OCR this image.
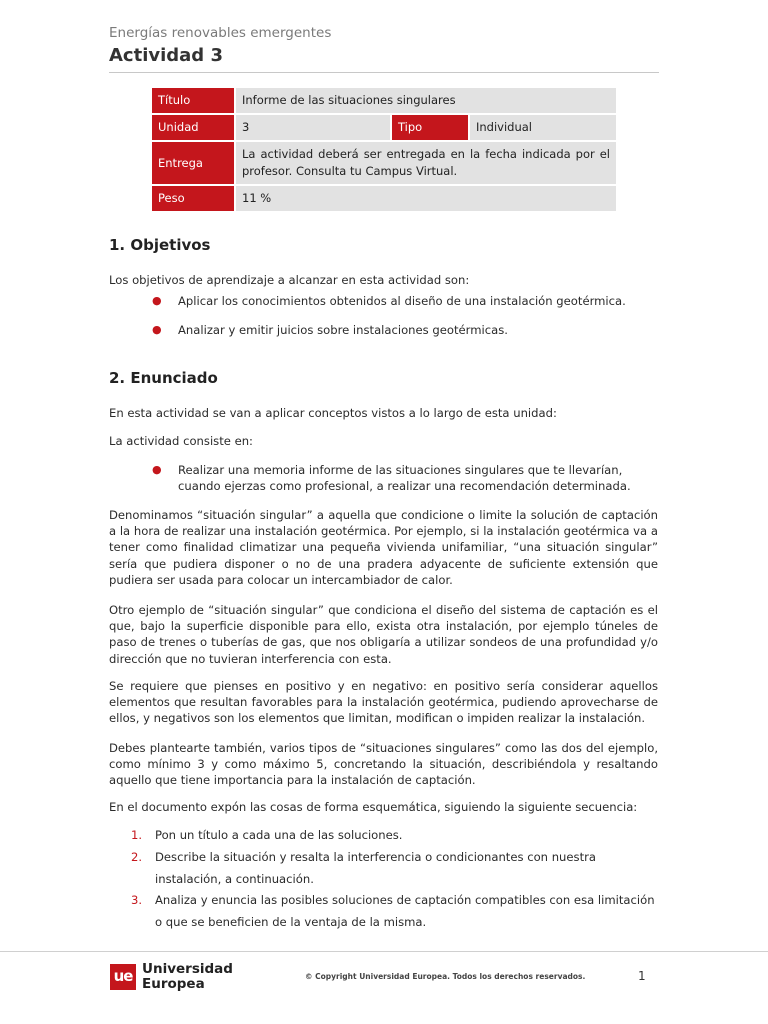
Energías renovables emergentes
Actividad 3
Título	Informe de las situaciones singulares		
Unidad	3	Tipo	Individual
Entrega	La actividad deberá ser entregada en la fecha indicada por el profesor. Consulta tu Campus Virtual.		
Peso	11 %		
1. Objetivos
Los objetivos de aprendizaje a alcanzar en esta actividad son:
● Aplicar los conocimientos obtenidos al diseño de una instalación geotérmica.
● Analizar y emitir juicios sobre instalaciones geotérmicas.
2. Enunciado
En esta actividad se van a aplicar conceptos vistos a lo largo de esta unidad:
La actividad consiste en:
● Realizar una memoria informe de las situaciones singulares que te llevarían, cuando ejerzas como profesional, a realizar una recomendación determinada.
Denominamos “situación singular” a aquella que condicione o limite la solución de captación a la hora de realizar una instalación geotérmica. Por ejemplo, si la instalación geotérmica va a tener como finalidad climatizar una pequeña vivienda unifamiliar, “una situación singular” sería que pudiera disponer o no de una pradera adyacente de suficiente extensión que pudiera ser usada para colocar un intercambiador de calor.
Otro ejemplo de “situación singular” que condiciona el diseño del sistema de captación es el que, bajo la superficie disponible para ello, exista otra instalación, por ejemplo túneles de paso de trenes o tuberías de gas, que nos obligaría a utilizar sondeos de una profundidad y/o dirección que no tuvieran interferencia con esta.
Se requiere que pienses en positivo y en negativo: en positivo sería considerar aquellos elementos que resultan favorables para la instalación geotérmica, pudiendo aprovecharse de ellos, y negativos son los elementos que limitan, modifican o impiden realizar la instalación.
Debes plantearte también, varios tipos de “situaciones singulares” como las dos del ejemplo, como mínimo 3 y como máximo 5, concretando la situación, describiéndola y resaltando aquello que tiene importancia para la instalación de captación.
En el documento expón las cosas de forma esquemática, siguiendo la siguiente secuencia:
1. Pon un título a cada una de las soluciones.
2. Describe la situación y resalta la interferencia o condicionantes con nuestra instalación, a continuación.
3. Analiza y enuncia las posibles soluciones de captación compatibles con esa limitación o que se beneficien de la ventaja de la misma.
ue Universidad
Europea	© Copyright Universidad Europea. Todos los derechos reservados.	1
